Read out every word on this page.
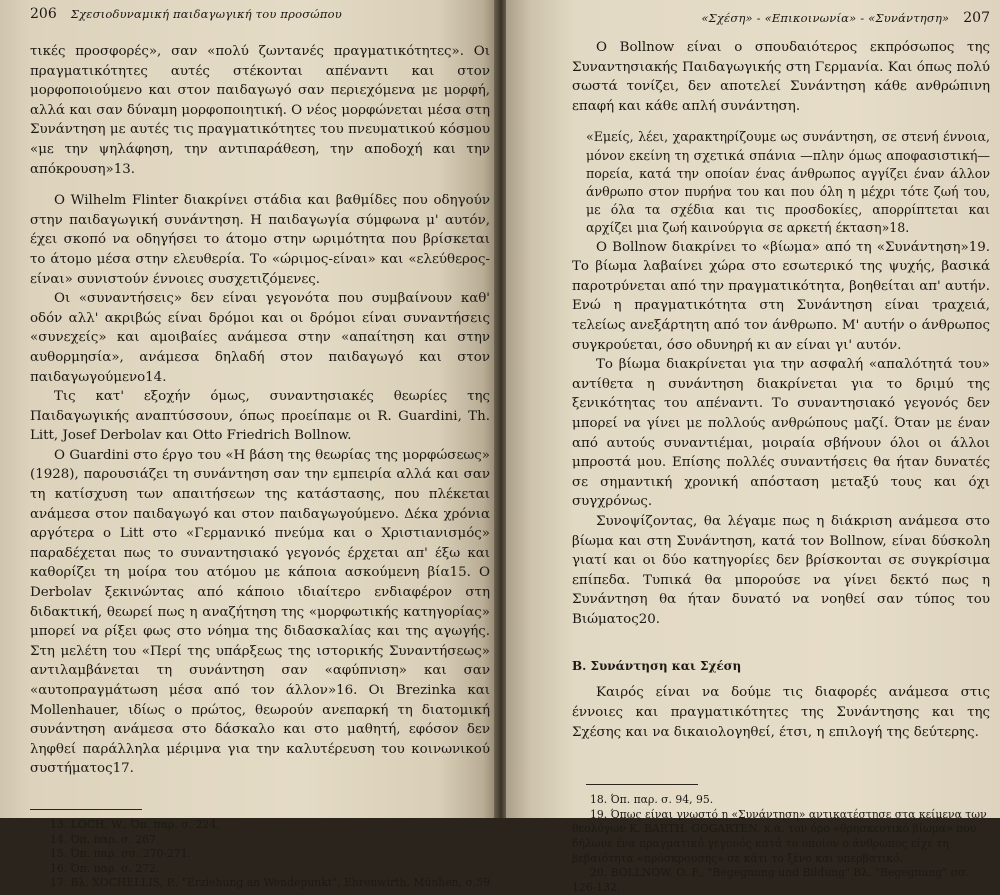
206 Σχεσιοδυναμική παιδαγωγική του προσώπου

τικές προσφορές», σαν «πολύ ζωντανές πραγματικότητες». Οι πραγματικότητες αυτές στέκονται απέναντι και στον μορφοποιούμενο και στον παιδαγωγό σαν περιεχόμενα με μορφή, αλλά και σαν δύναμη μορφοποιητική. Ο νέος μορφώνεται μέσα στη Συνάντηση με αυτές τις πραγματικότητες του πνευματικού κόσμου «με την ψηλάφηση, την αντιπαράθεση, την αποδοχή και την απόκρουση»13.

Ο Wilhelm Flinter διακρίνει στάδια και βαθμίδες που οδηγούν στην παιδαγωγική συνάντηση. Η παιδαγωγία σύμφωνα μ' αυτόν, έχει σκοπό να οδηγήσει το άτομο στην ωριμότητα που βρίσκεται το άτομο μέσα στην ελευθερία. Το «ώριμος-είναι» και «ελεύθερος-είναι» συνιστούν έννοιες συσχετιζόμενες.

Οι «συναντήσεις» δεν είναι γεγονότα που συμβαίνουν καθ' οδόν αλλ' ακριβώς είναι δρόμοι και οι δρόμοι είναι συναντήσεις «συνεχείς» και αμοιβαίες ανάμεσα στην «απαίτηση και στην αυθορμησία», ανάμεσα δηλαδή στον παιδαγωγό και στον παιδαγωγούμενο14.

Τις κατ' εξοχήν όμως, συναντησιακές θεωρίες της Παιδαγωγικής αναπτύσσουν, όπως προείπαμε οι R. Guardini, Th. Litt, Josef Derbolav και Otto Friedrich Bollnow.

Ο Guardini στο έργο του «Η βάση της θεωρίας της μορφώσεως» (1928), παρουσιάζει τη συνάντηση σαν την εμπειρία αλλά και σαν τη κατίσχυση των απαιτήσεων της κατάστασης, που πλέκεται ανάμεσα στον παιδαγωγό και στον παιδαγωγούμενο. Δέκα χρόνια αργότερα ο Litt στο «Γερμανικό πνεύμα και ο Χριστιανισμός» παραδέχεται πως το συναντησιακό γεγονός έρχεται απ' έξω και καθορίζει τη μοίρα του ατόμου με κάποια ασκούμενη βία15. Ο Derbolav ξεκινώντας από κάποιο ιδιαίτερο ενδιαφέρον στη διδακτική, θεωρεί πως η αναζήτηση της «μορφωτικής κατηγορίας» μπορεί να ρίξει φως στο νόημα της διδασκαλίας και της αγωγής. Στη μελέτη του «Περί της υπάρξεως της ιστορικής Συναντήσεως» αντιλαμβάνεται τη συνάντηση σαν «αφύπνιση» και σαν «αυτοπραγμάτωση μέσα από τον άλλον»16. Οι Brezinka και Mollenhauer, ιδίως ο πρώτος, θεωρούν ανεπαρκή τη διατομική συνάντηση ανάμεσα στο δάσκαλο και στο μαθητή, εφόσον δεν ληφθεί παράλληλα μέριμνα για την καλυτέρευση του κοινωνικού συστήματος17.

13. LOCH, W., Όπ. παρ. σ. 224.

14. Όπ. παρ. σ. 267.

15. Όπ. παρ. σσ. 270-271.

16. Όπ. παρ. σ. 272.

17. Βλ. XOCHELLIS, P., "Erziehung an Wendepunkt", Ehrenwirth, Münhen, σ.59

«Σχέση» - «Επικοινωνία» - «Συνάντηση» 207

Ο Bollnow είναι ο σπουδαιότερος εκπρόσωπος της Συναντησιακής Παιδαγωγικής στη Γερμανία. Και όπως πολύ σωστά τονίζει, δεν αποτελεί Συνάντηση κάθε ανθρώπινη επαφή και κάθε απλή συνάντηση.

«Εμείς, λέει, χαρακτηρίζουμε ως συνάντηση, σε στενή έννοια, μόνον εκείνη τη σχετικά σπάνια —πλην όμως αποφασιστική— πορεία, κατά την οποίαν ένας άνθρωπος αγγίζει έναν άλλον άνθρωπο στον πυρήνα του και που όλη η μέχρι τότε ζωή του, με όλα τα σχέδια και τις προσδοκίες, απορρίπτεται και αρχίζει μια ζωή καινούργια σε αρκετή έκταση»18.

Ο Bollnow διακρίνει το «βίωμα» από τη «Συνάντηση»19. Το βίωμα λαβαίνει χώρα στο εσωτερικό της ψυχής, βασικά παροτρύνεται από την πραγματικότητα, βοηθείται απ' αυτήν. Ενώ η πραγματικότητα στη Συνάντηση είναι τραχειά, τελείως ανεξάρτητη από τον άνθρωπο. Μ' αυτήν ο άνθρωπος συγκρούεται, όσο οδυνηρή κι αν είναι γι' αυτόν.

Το βίωμα διακρίνεται για την ασφαλή «απαλότητά του» αντίθετα η συνάντηση διακρίνεται για το δριμύ της ξενικότητας του απέναντι. Το συναντησιακό γεγονός δεν μπορεί να γίνει με πολλούς ανθρώπους μαζί. Όταν με έναν από αυτούς συναντιέμαι, μοιραία σβήνουν όλοι οι άλλοι μπροστά μου. Επίσης πολλές συναντήσεις θα ήταν δυνατές σε σημαντική χρονική απόσταση μεταξύ τους και όχι συγχρόνως.

Συνοψίζοντας, θα λέγαμε πως η διάκριση ανάμεσα στο βίωμα και στη Συνάντηση, κατά τον Bollnow, είναι δύσκολη γιατί και οι δύο κατηγορίες δεν βρίσκονται σε συγκρίσιμα επίπεδα. Τυπικά θα μπορούσε να γίνει δεκτό πως η Συνάντηση θα ήταν δυνατό να νοηθεί σαν τύπος του Βιώματος20.

Β. Συνάντηση και Σχέση

Καιρός είναι να δούμε τις διαφορές ανάμεσα στις έννοιες και πραγματικότητες της Συνάντησης και της Σχέσης και να δικαιολογηθεί, έτσι, η επιλογή της δεύτερης.

18. Όπ. παρ. σ. 94, 95.

19. Όπως είναι γνωστό η «Συνάντηση» αντικατέστησε στα κείμενα των θεολόγων K. BARTH, GOGARTEN, κ.ά. τον όρο «θρησκευτικό βίωμα» που δήλωνε ένα πραγματικό γεγονός κατά το οποίον ο άνθρωπος είχε τη βεβαιότητα «πρόσκρουσης» σε κάτι το ξένο και υπερβατικό.

20. BOLLNOW, O. F., "Begegnung und Bildung" Βλ. "Begegnung" σσ. 126-132.
